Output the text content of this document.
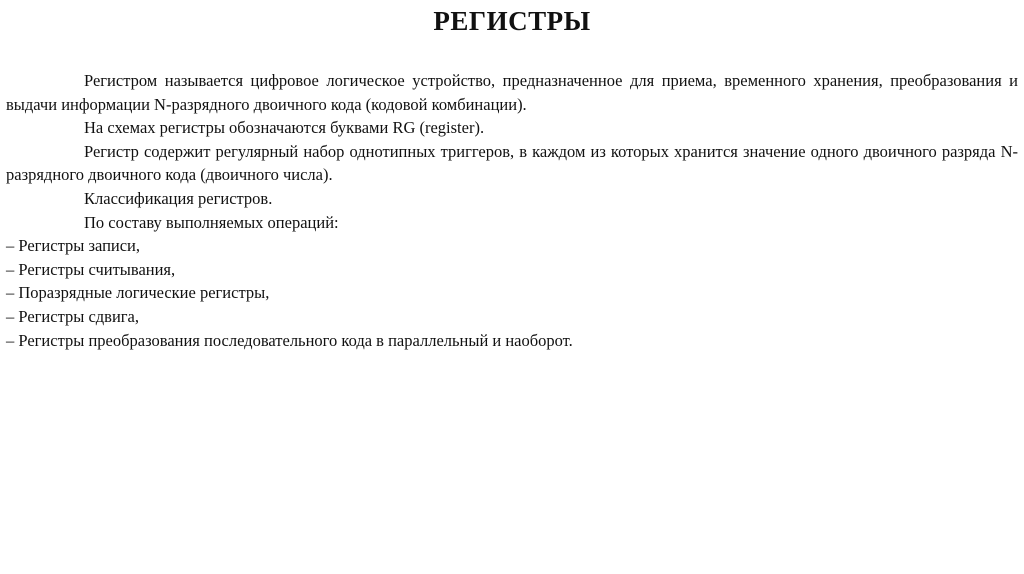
РЕГИСТРЫ

Регистром называется цифровое логическое устройство, предназначенное для приема, временного хранения, преобразования и выдачи информации N-разрядного двоичного кода (кодовой комбинации).

На схемах регистры обозначаются буквами RG (register).

Регистр содержит регулярный набор однотипных триггеров, в каждом из которых хранится значение одного двоичного разряда N-разрядного двоичного кода (двоичного числа).

Классификация регистров.

По составу выполняемых операций:

– Регистры записи,
– Регистры считывания,
– Поразрядные логические регистры,
– Регистры сдвига,
– Регистры преобразования последовательного кода в параллельный и наоборот.
